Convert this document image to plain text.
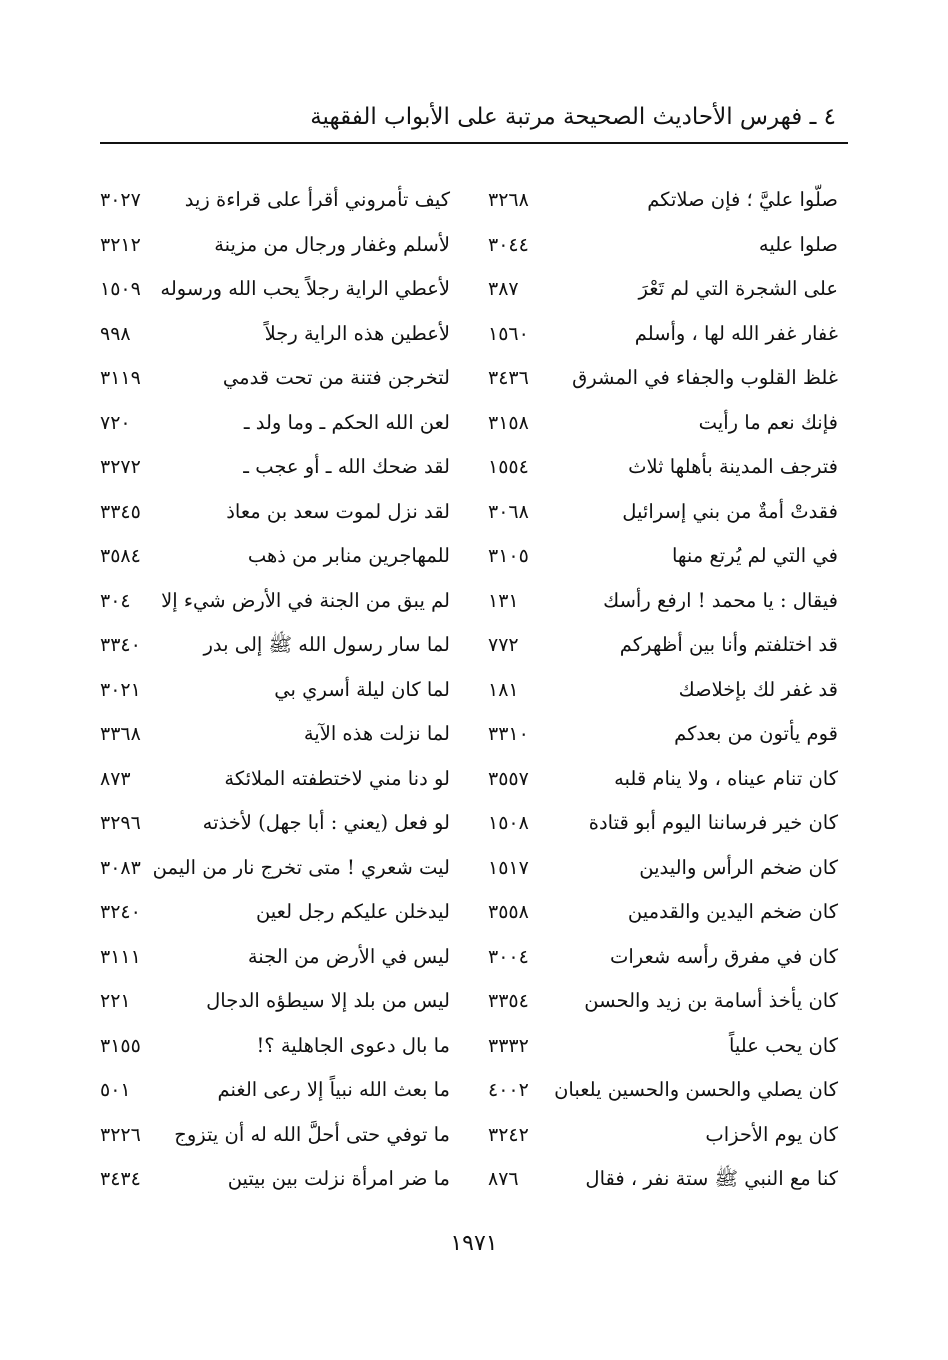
٤ ـ فهرس الأحاديث الصحيحة مرتبة على الأبواب الفقهية
صلّوا عليَّ ؛ فإن صلاتكم
٣٢٦٨
كيف تأمروني أقرأ على قراءة زيد
٣٠٢٧
صلوا عليه
٣٠٤٤
لأسلم وغفار ورجال من مزينة
٣٢١٢
على الشجرة التي لم تَعْرَ
٣٨٧
لأعطي الراية رجلاً يحب الله ورسوله
١٥٠٩
غفار غفر الله لها ، وأسلم
١٥٦٠
لأعطين هذه الراية رجلاً
٩٩٨
غلظ القلوب والجفاء في المشرق
٣٤٣٦
لتخرجن فتنة من تحت قدمي
٣١١٩
فإنك نعم ما رأيت
٣١٥٨
لعن الله الحكم ـ وما ولد ـ
٧٢٠
فترجف المدينة بأهلها ثلاث
١٥٥٤
لقد ضحك الله ـ أو عجب ـ
٣٢٧٢
فقدتْ أمةٌ من بني إسرائيل
٣٠٦٨
لقد نزل لموت سعد بن معاذ
٣٣٤٥
في التي لم يُرتع منها
٣١٠٥
للمهاجرين منابر من ذهب
٣٥٨٤
فيقال : يا محمد ! ارفع رأسك
١٣١
لم يبق من الجنة في الأرض شيء إلا
٣٠٤
قد اختلفتم وأنا بين أظهركم
٧٧٢
لما سار رسول الله ﷺ إلى بدر
٣٣٤٠
قد غفر لك بإخلاصك
١٨١
لما كان ليلة أسري بي
٣٠٢١
قوم يأتون من بعدكم
٣٣١٠
لما نزلت هذه الآية
٣٣٦٨
كان تنام عيناه ، ولا ينام قلبه
٣٥٥٧
لو دنا مني لاختطفته الملائكة
٨٧٣
كان خير فرساننا اليوم أبو قتادة
١٥٠٨
لو فعل (يعني : أبا جهل) لأخذته
٣٢٩٦
كان ضخم الرأس واليدين
١٥١٧
ليت شعري ! متى تخرج نار من اليمن
٣٠٨٣
كان ضخم اليدين والقدمين
٣٥٥٨
ليدخلن عليكم رجل لعين
٣٢٤٠
كان في مفرق رأسه شعرات
٣٠٠٤
ليس في الأرض من الجنة
٣١١١
كان يأخذ أسامة بن زيد والحسن
٣٣٥٤
ليس من بلد إلا سيطؤه الدجال
٢٢١
كان يحب علياً
٣٣٣٢
ما بال دعوى الجاهلية ؟!
٣١٥٥
كان يصلي والحسن والحسين يلعبان
٤٠٠٢
ما بعث الله نبياً إلا رعى الغنم
٥٠١
كان يوم الأحزاب
٣٢٤٢
ما توفي حتى أحلَّ الله له أن يتزوج
٣٢٢٦
كنا مع النبي ﷺ ستة نفر ، فقال
٨٧٦
ما ضر امرأة نزلت بين بيتين
٣٤٣٤
١٩٧١
